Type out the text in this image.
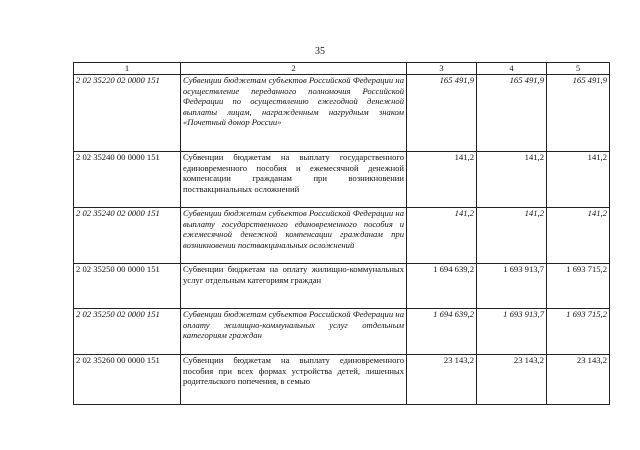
35
1	2	3	4	5
2 02 35220 02 0000 151	Субвенции бюджетам субъектов Российской Федерации на осуществление переданного полномочия Российской Федерации по осуществлению ежегодной денежной выплаты лицам, награжденным нагрудным знаком «Почетный донор России»	165 491,9	165 491,9	165 491,9
2 02 35240 00 0000 151	Субвенции бюджетам на выплату государственного единовременного пособия и ежемесячной денежной компенсации гражданам при возникновении поствакцинальных осложнений	141,2	141,2	141,2
2 02 35240 02 0000 151	Субвенции бюджетам субъектов Российской Федерации на выплату государственного единовременного пособия и ежемесячной денежной компенсации гражданам при возникновении поствакцинальных осложнений	141,2	141,2	141,2
2 02 35250 00 0000 151	Субвенции бюджетам на оплату жилищно-коммунальных услуг отдельным категориям граждан	1 694 639,2	1 693 913,7	1 693 715,2
2 02 35250 02 0000 151	Субвенции бюджетам субъектов Российской Федерации на оплату жилищно-коммунальных услуг отдельным категориям граждан	1 694 639,2	1 693 913,7	1 693 715,2
2 02 35260 00 0000 151	Субвенции бюджетам на выплату единовременного пособия при всех формах устройства детей, лишенных родительского попечения, в семью	23 143,2	23 143,2	23 143,2
